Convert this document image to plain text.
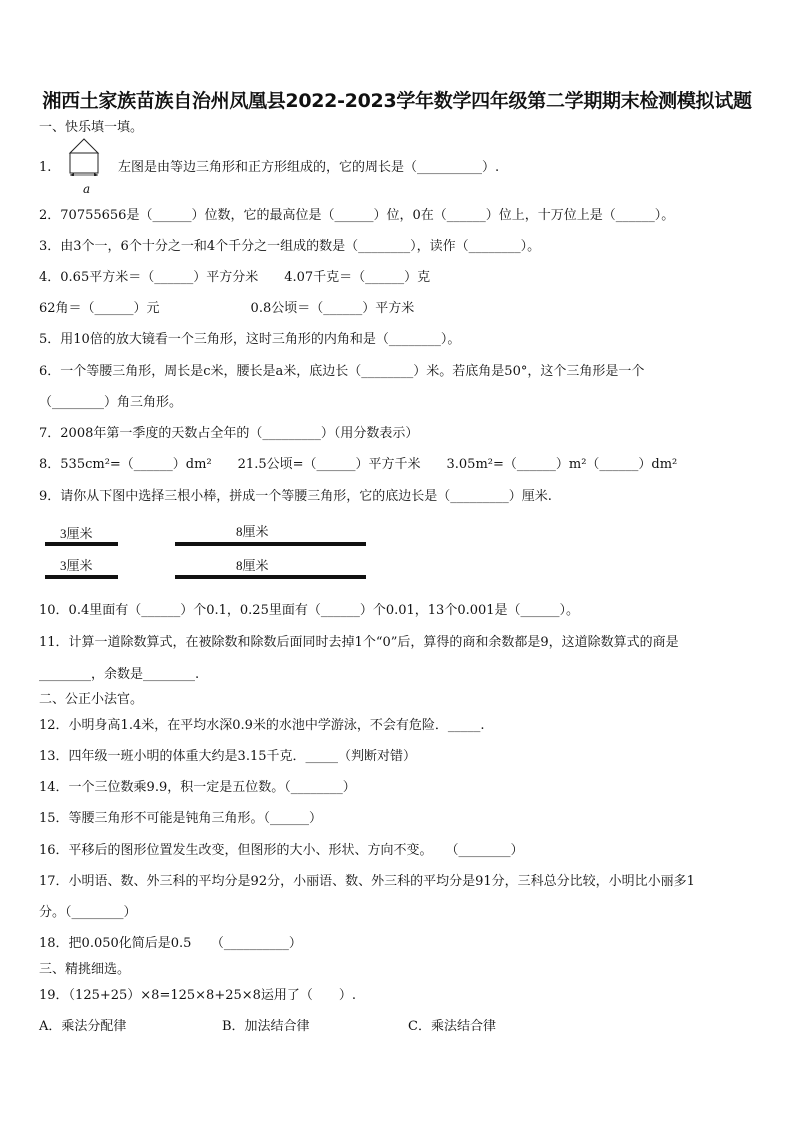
湘西土家族苗族自治州凤凰县2022-2023学年数学四年级第二学期期末检测模拟试题
一、快乐填一填。
1.
a
左图是由等边三角形和正方形组成的，它的周长是（__________）.
2．70755656是（______）位数，它的最高位是（______）位，0在（______）位上，十万位上是（______）。
3．由3个一，6个十分之一和4个千分之一组成的数是（________），读作（________）。
4．0.65平方米＝（______）平方分米　　4.07千克＝（______）克
62角＝（______）元　　　　　　　0.8公顷＝（______）平方米
5．用10倍的放大镜看一个三角形，这时三角形的内角和是（________）。
6．一个等腰三角形，周长是c米，腰长是a米，底边长（________）米。若底角是50°，这个三角形是一个
（________）角三角形。
7．2008年第一季度的天数占全年的（_________）（用分数表示）
8．535cm²=（______）dm²　　21.5公顷=（______）平方千米　　3.05m²=（______）m²（______）dm²
9．请你从下图中选择三根小棒，拼成一个等腰三角形，它的底边长是（_________）厘米.
3厘米	8厘米
3厘米	8厘米
10．0.4里面有（______）个0.1，0.25里面有（______）个0.01，13个0.001是（______）。
11．计算一道除数算式，在被除数和除数后面同时去掉1个“0”后，算得的商和余数都是9，这道除数算式的商是
________，余数是________.
二、公正小法官。
12．小明身高1.4米，在平均水深0.9米的水池中学游泳，不会有危险．_____.
13．四年级一班小明的体重大约是3.15千克．_____（判断对错）
14．一个三位数乘9.9，积一定是五位数。（________）
15．等腰三角形不可能是钝角三角形。（______）
16．平移后的图形位置发生改变，但图形的大小、形状、方向不变。　　（________）
17．小明语、数、外三科的平均分是92分，小丽语、数、外三科的平均分是91分，三科总分比较，小明比小丽多1
分。（________）
18．把0.050化简后是0.5　　（__________）
三、精挑细选。
19．（125+25）×8=125×8+25×8运用了（　　）.
A．乘法分配律	B．加法结合律	C．乘法结合律
